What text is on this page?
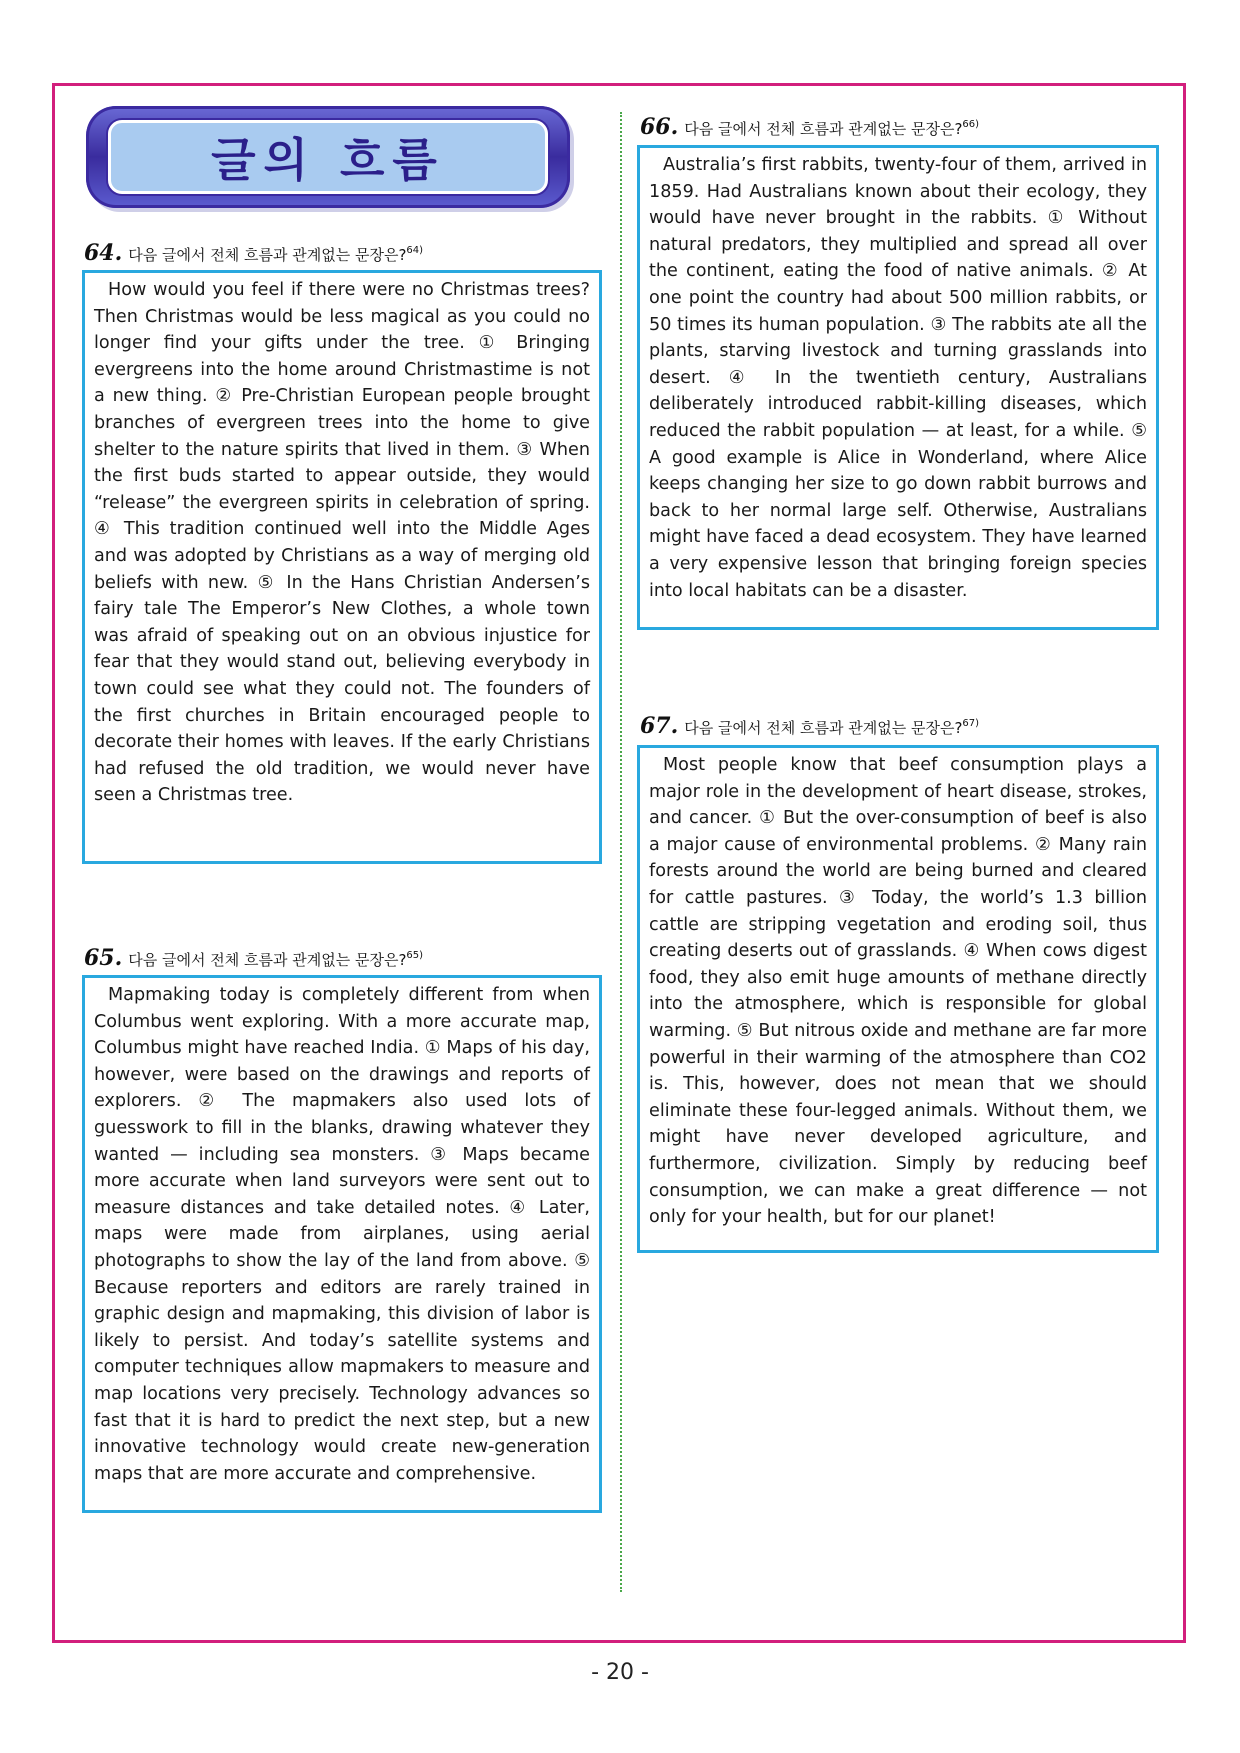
글의 흐름
64. 다음 글에서 전체 흐름과 관계없는 문장은? 64)

How would you feel if there were no Christmas trees? Then Christmas would be less magical as you could no longer find your gifts under the tree. ① Bringing evergreens into the home around Christmastime is not a new thing. ② Pre-Christian European people brought branches of evergreen trees into the home to give shelter to the nature spirits that lived in them. ③ When the first buds started to appear outside, they would “release” the evergreen spirits in celebration of spring. ④ This tradition continued well into the Middle Ages and was adopted by Christians as a way of merging old beliefs with new. ⑤ In the Hans Christian Andersen’s fairy tale The Emperor’s New Clothes, a whole town was afraid of speaking out on an obvious injustice for fear that they would stand out, believing everybody in town could see what they could not. The founders of the first churches in Britain encouraged people to decorate their homes with leaves. If the early Christians had refused the old tradition, we would never have seen a Christmas tree.

65. 다음 글에서 전체 흐름과 관계없는 문장은? 65)

Mapmaking today is completely different from when Columbus went exploring. With a more accurate map, Columbus might have reached India. ① Maps of his day, however, were based on the drawings and reports of explorers. ② The mapmakers also used lots of guesswork to fill in the blanks, drawing whatever they wanted — including sea monsters. ③ Maps became more accurate when land surveyors were sent out to measure distances and take detailed notes. ④ Later, maps were made from airplanes, using aerial photographs to show the lay of the land from above. ⑤ Because reporters and editors are rarely trained in graphic design and mapmaking, this division of labor is likely to persist. And today’s satellite systems and computer techniques allow mapmakers to measure and map locations very precisely. Technology advances so fast that it is hard to predict the next step, but a new innovative technology would create new-generation maps that are more accurate and comprehensive.

66. 다음 글에서 전체 흐름과 관계없는 문장은? 66)

Australia’s first rabbits, twenty-four of them, arrived in 1859. Had Australians known about their ecology, they would have never brought in the rabbits. ① Without natural predators, they multiplied and spread all over the continent, eating the food of native animals. ② At one point the country had about 500 million rabbits, or 50 times its human population. ③ The rabbits ate all the plants, starving livestock and turning grasslands into desert. ④ In the twentieth century, Australians deliberately introduced rabbit-killing diseases, which reduced the rabbit population — at least, for a while. ⑤ A good example is Alice in Wonderland, where Alice keeps changing her size to go down rabbit burrows and back to her normal large self. Otherwise, Australians might have faced a dead ecosystem. They have learned a very expensive lesson that bringing foreign species into local habitats can be a disaster.

67. 다음 글에서 전체 흐름과 관계없는 문장은? 67)

Most people know that beef consumption plays a major role in the development of heart disease, strokes, and cancer. ① But the over-consumption of beef is also a major cause of environmental problems. ② Many rain forests around the world are being burned and cleared for cattle pastures. ③ Today, the world’s 1.3 billion cattle are stripping vegetation and eroding soil, thus creating deserts out of grasslands. ④ When cows digest food, they also emit huge amounts of methane directly into the atmosphere, which is responsible for global warming. ⑤ But nitrous oxide and methane are far more powerful in their warming of the atmosphere than CO2 is. This, however, does not mean that we should eliminate these four-legged animals. Without them, we might have never developed agriculture, and furthermore, civilization. Simply by reducing beef consumption, we can make a great difference — not only for your health, but for our planet!

- 20 -
